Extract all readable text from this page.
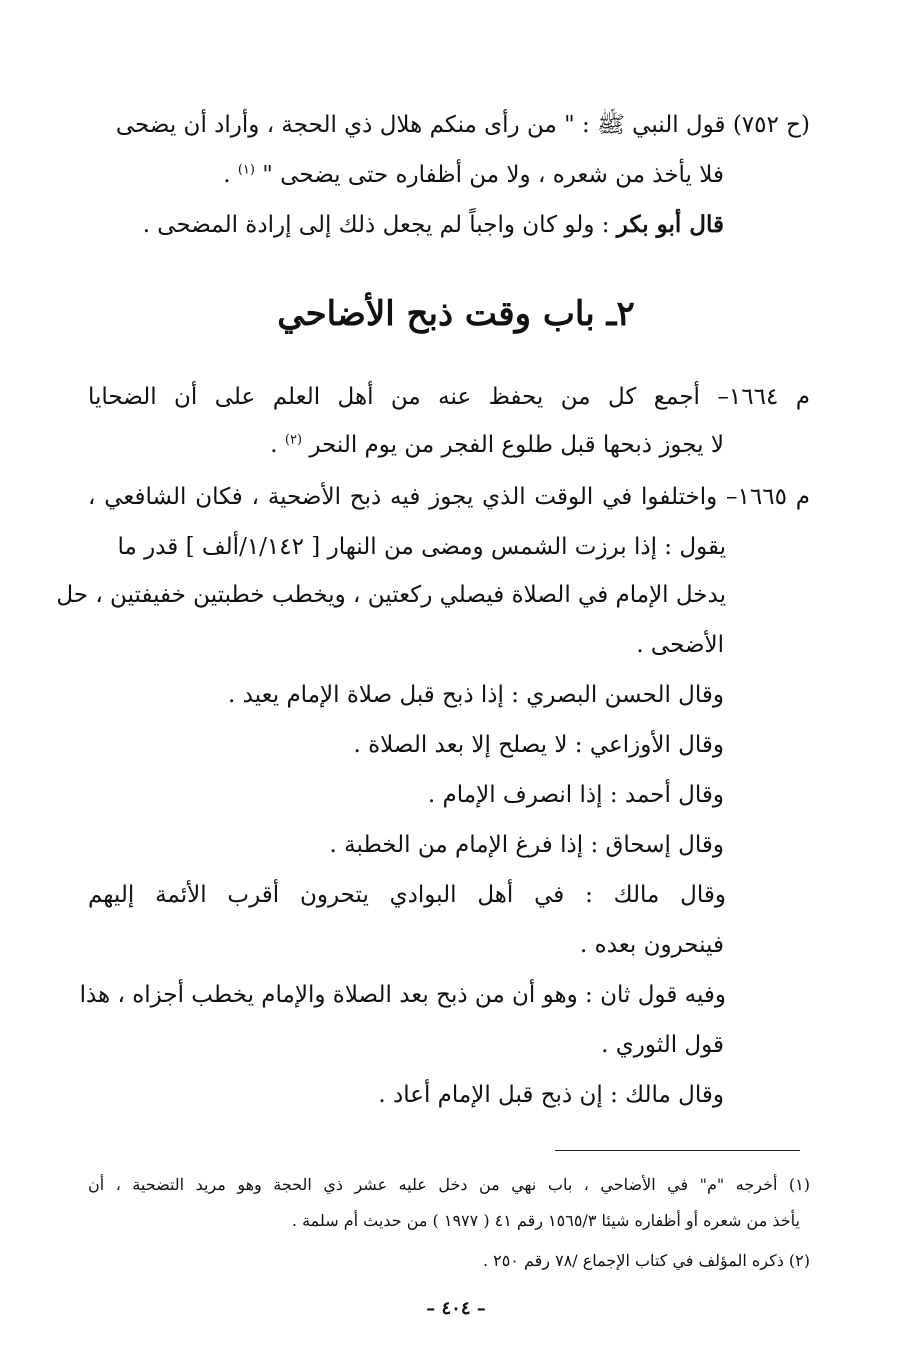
(ح ٧٥٢) قول النبي ﷺ : " من رأى منكم هلال ذي الحجة ، وأراد أن يضحى
فلا يأخذ من شعره ، ولا من أظفاره حتى يضحى " $^{(١)}$ .
قال أبو بكر : ولو كان واجباً لم يجعل ذلك إلى إرادة المضحى .
٢ـ باب وقت ذبح الأضاحي
م ١٦٦٤– أجمع كل من يحفظ عنه من أهل العلم على أن الضحايا
لا يجوز ذبحها قبل طلوع الفجر من يوم النحر $^{(٢)}$ .
م ١٦٦٥– واختلفوا في الوقت الذي يجوز فيه ذبح الأضحية ، فكان الشافعي ،
يقول : إذا برزت الشمس ومضى من النهار [ ١/١٤٢/ألف ] قدر ما
يدخل الإمام في الصلاة فيصلي ركعتين ، ويخطب خطبتين خفيفتين ، حل
الأضحى .
وقال الحسن البصري : إذا ذبح قبل صلاة الإمام يعيد .
وقال الأوزاعي : لا يصلح إلا بعد الصلاة .
وقال أحمد : إذا انصرف الإمام .
وقال إسحاق : إذا فرغ الإمام من الخطبة .
وقال مالك : في أهل البوادي يتحرون أقرب الأئمة إليهم
فينحرون بعده .
وفيه قول ثان : وهو أن من ذبح بعد الصلاة والإمام يخطب أجزاه ، هذا
قول الثوري .
وقال مالك : إن ذبح قبل الإمام أعاد .
(١) أخرجه "م" في الأضاحي ، باب نهي من دخل عليه عشر ذي الحجة وهو مريد التضحية ، أن
يأخذ من شعره أو أظفاره شيئا ١٥٦٥/٣ رقم ٤١ ( ١٩٧٧ ) من حديث أم سلمة .
(٢) ذكره المؤلف في كتاب الإجماع /٧٨ رقم ٢٥٠ .
– ٤٠٤ –
